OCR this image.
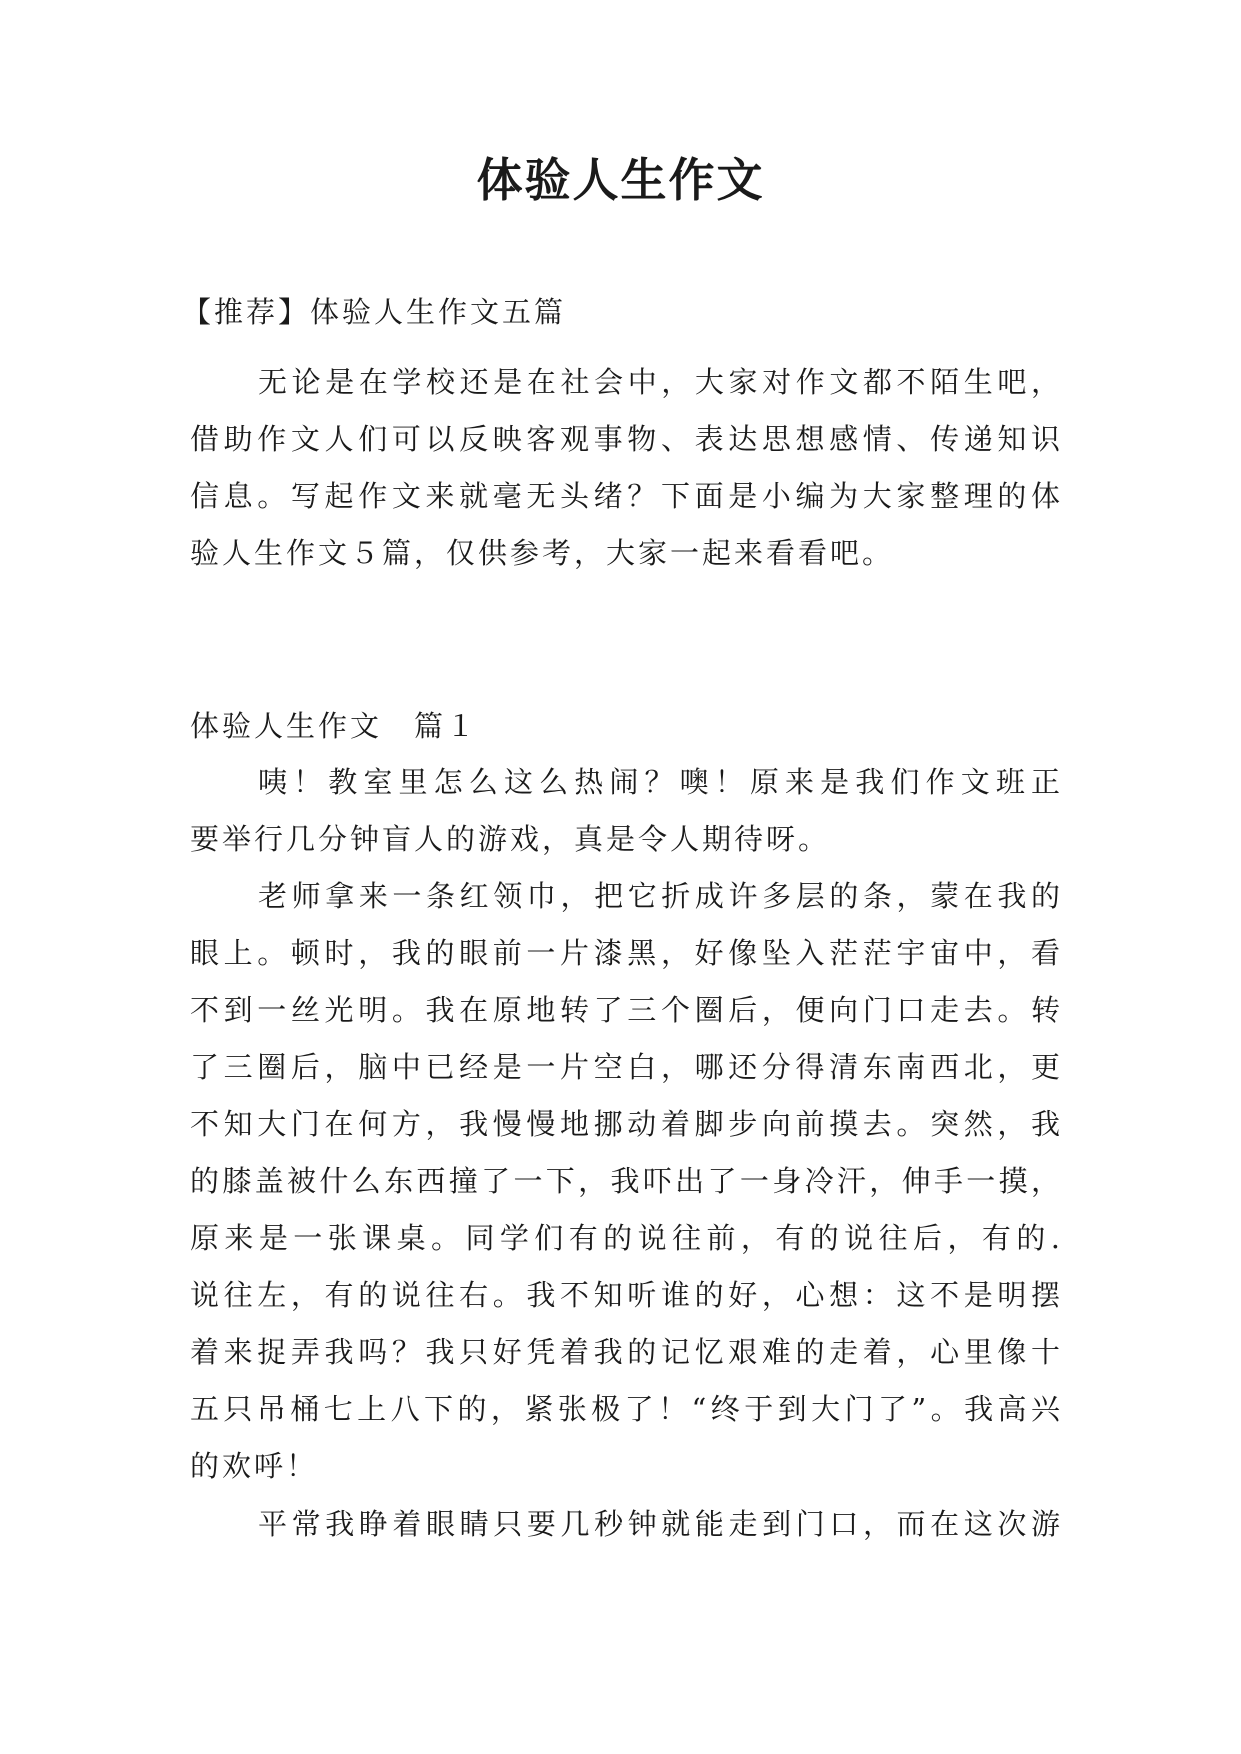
体验人生作文
【推荐】体验人生作文五篇
无论是在学校还是在社会中，大家对作文都不陌生吧，
借助作文人们可以反映客观事物、表达思想感情、传递知识
信息。写起作文来就毫无头绪？下面是小编为大家整理的体
验人生作文５篇，仅供参考，大家一起来看看吧。
体验人生作文　篇１
咦！教室里怎么这么热闹？噢！原来是我们作文班正
要举行几分钟盲人的游戏，真是令人期待呀。
老师拿来一条红领巾，把它折成许多层的条，蒙在我的
眼上。顿时，我的眼前一片漆黑，好像坠入茫茫宇宙中，看
不到一丝光明。我在原地转了三个圈后，便向门口走去。转
了三圈后，脑中已经是一片空白，哪还分得清东南西北，更
不知大门在何方，我慢慢地挪动着脚步向前摸去。突然，我
的膝盖被什么东西撞了一下，我吓出了一身冷汗，伸手一摸，
原来是一张课桌。同学们有的说往前，有的说往后，有的.
说往左，有的说往右。我不知听谁的好，心想：这不是明摆
着来捉弄我吗？我只好凭着我的记忆艰难的走着，心里像十
五只吊桶七上八下的，紧张极了！“终于到大门了”。我高兴
的欢呼！
平常我睁着眼睛只要几秒钟就能走到门口，而在这次游
